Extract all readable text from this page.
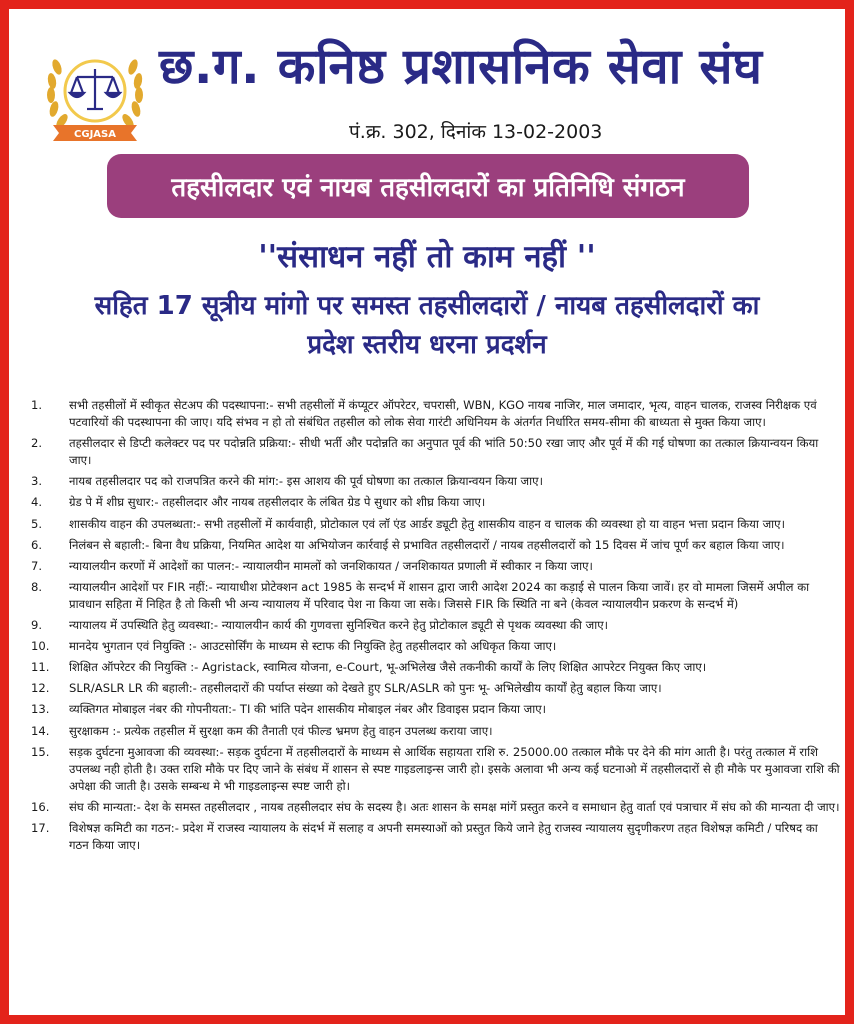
CGJASA
छ.ग. कनिष्ठ प्रशासनिक सेवा संघ
पं.क्र. 302, दिनांक 13-02-2003
तहसीलदार एवं नायब तहसीलदारों का प्रतिनिधि संगठन
''संसाधन नहीं तो काम नहीं ''
सहित 17 सूत्रीय मांगो पर समस्त तहसीलदारों / नायब तहसीलदारों का प्रदेश स्तरीय धरना प्रदर्शन
1.	सभी तहसीलों में स्वीकृत सेटअप की पदस्थापना:- सभी तहसीलों में कंप्यूटर ऑपरेटर, चपरासी, WBN, KGO नायब नाजिर, माल जमादार, भृत्य, वाहन चालक, राजस्व निरीक्षक एवं पटवारियों की पदस्थापना की जाए। यदि संभव न हो तो संबंधित तहसील को लोक सेवा गारंटी अधिनियम के अंतर्गत निर्धारित समय-सीमा की बाध्यता से मुक्त किया जाए।
2.	तहसीलदार से डिप्टी कलेक्टर पद पर पदोन्नति प्रक्रिया:- सीधी भर्ती और पदोन्नति का अनुपात पूर्व की भांति 50:50 रखा जाए और पूर्व में की गई घोषणा का तत्काल क्रियान्वयन किया जाए।
3.	नायब तहसीलदार पद को राजपत्रित करने की मांग:- इस आशय की पूर्व घोषणा का तत्काल क्रियान्वयन किया जाए।
4.	ग्रेड पे में शीघ्र सुधार:- तहसीलदार और नायब तहसीलदार के लंबित ग्रेड पे सुधार को शीघ्र किया जाए।
5.	शासकीय वाहन की उपलब्धता:- सभी तहसीलों में कार्यवाही, प्रोटोकाल एवं लॉ एंड आर्डर ड्यूटी हेतु शासकीय वाहन व चालक की व्यवस्था हो या वाहन भत्ता प्रदान किया जाए।
6.	निलंबन से बहाली:- बिना वैध प्रक्रिया, नियमित आदेश या अभियोजन कार्रवाई से प्रभावित तहसीलदारों / नायब तहसीलदारों को 15 दिवस में जांच पूर्ण कर बहाल किया जाए।
7.	न्यायालयीन करणों में आदेशों का पालन:- न्यायालयीन मामलों को जनशिकायत / जनशिकायत प्रणाली में स्वीकार न किया जाए।
8.	न्यायालयीन आदेशों पर FIR नहीं:- न्यायाधीश प्रोटेक्शन act 1985 के सन्दर्भ में शासन द्वारा जारी आदेश 2024 का कड़ाई से पालन किया जावें। हर वो मामला जिसमें अपील का प्रावधान सहिता में निहित है तो किसी भी अन्य न्यायालय में परिवाद पेश ना किया जा सके। जिससे FIR कि स्थिति ना बने (केवल न्यायालयीन प्रकरण के सन्दर्भ में)
9.	न्यायालय में उपस्थिति हेतु व्यवस्था:- न्यायालयीन कार्य की गुणवत्ता सुनिश्चित करने हेतु प्रोटोकाल ड्यूटी से पृथक व्यवस्था की जाए।
10.	मानदेय भुगतान एवं नियुक्ति :- आउटसोर्सिंग के माध्यम से स्टाफ की नियुक्ति हेतु तहसीलदार को अधिकृत किया जाए।
11.	शिक्षित ऑपरेटर की नियुक्ति :- Agristack, स्वामित्व योजना, e-Court, भू-अभिलेख जैसे तकनीकी कार्यों के लिए शिक्षित आपरेटर नियुक्त किए जाए।
12.	SLR/ASLR LR की बहाली:- तहसीलदारों की पर्याप्त संख्या को देखते हुए SLR/ASLR को पुनः भू- अभिलेखीय कार्यों हेतु बहाल किया जाए।
13.	व्यक्तिगत मोबाइल नंबर की गोपनीयता:- TI की भांति पदेन शासकीय मोबाइल नंबर और डिवाइस प्रदान किया जाए।
14.	सुरक्षाकम :- प्रत्येक तहसील में सुरक्षा कम की तैनाती एवं फील्ड भ्रमण हेतु वाहन उपलब्ध कराया जाए।
15.	सड़क दुर्घटना मुआवजा की व्यवस्था:- सड़क दुर्घटना में तहसीलदारों के माध्यम से आर्थिक सहायता राशि रु. 25000.00 तत्काल मौके पर देने की मांग आती है। परंतु तत्काल में राशि उपलब्ध नही होती है। उक्त राशि मौके पर दिए जाने के संबंध में शासन से स्पष्ट गाइडलाइन्स जारी हो। इसके अलावा भी अन्य कई घटनाओ में तहसीलदारों से ही मौके पर मुआवजा राशि की अपेक्षा की जाती है। उसके सम्बन्ध मे भी गाइडलाइन्स स्पष्ट जारी हो।
16.	संघ की मान्यता:- देश के समस्त तहसीलदार , नायब तहसीलदार संघ के सदस्य है। अतः शासन के समक्ष मांगें प्रस्तुत करने व समाधान हेतु वार्ता एवं पत्राचार में संघ को की मान्यता दी जाए।
17.	विशेषज्ञ कमिटी का गठन:- प्रदेश में राजस्व न्यायालय के संदर्भ में सलाह व अपनी समस्याओं को प्रस्तुत किये जाने हेतु राजस्व न्यायालय सुदृणीकरण तहत विशेषज्ञ कमिटी / परिषद का गठन किया जाए।
